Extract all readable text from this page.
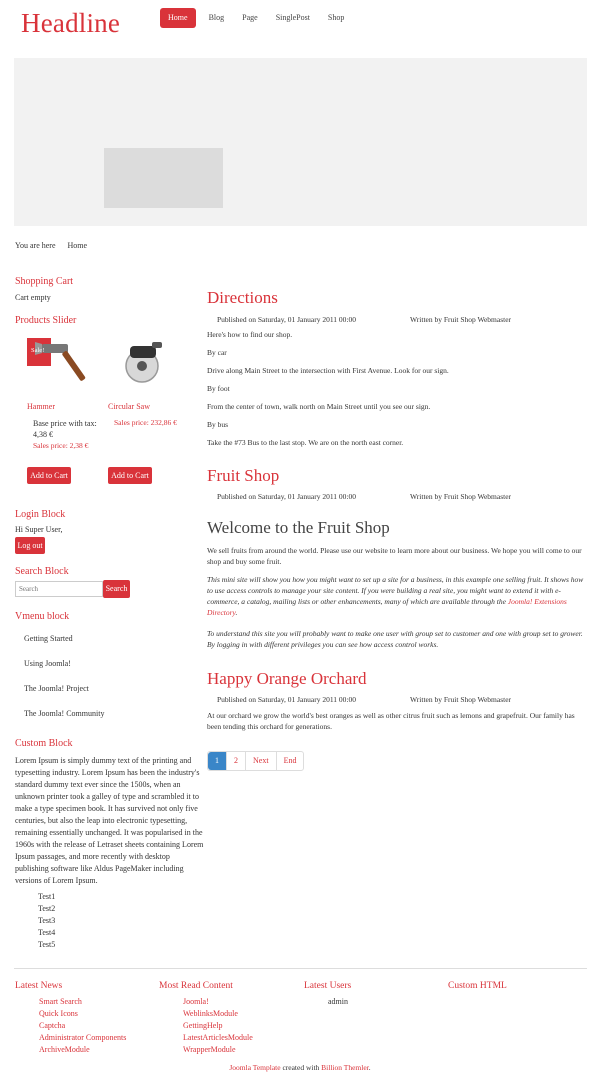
Headline	Home	Blog	Page	SinglePost	Shop
You are here Home
Shopping Cart
Cart empty
Products Slider
Sale!
Hammer	Circular Saw
Base price with tax: 4,38 €
Sales price: 232,86 €
Sales price: 2,38 €
Add to Cart	Add to Cart
Login Block
Hi Super User,
Log out
Search Block
Search	Search
Vmenu block
Getting Started
Using Joomla!
The Joomla! Project
The Joomla! Community
Custom Block
Lorem Ipsum is simply dummy text of the printing and typesetting industry. Lorem Ipsum has been the industry's standard dummy text ever since the 1500s, when an unknown printer took a galley of type and scrambled it to make a type specimen book. It has survived not only five centuries, but also the leap into electronic typesetting, remaining essentially unchanged. It was popularised in the 1960s with the release of Letraset sheets containing Lorem Ipsum passages, and more recently with desktop publishing software like Aldus PageMaker including versions of Lorem Ipsum.
Test1
Test2
Test3
Test4
Test5
Directions
Published on Saturday, 01 January 2011 00:00	Written by Fruit Shop Webmaster
Here's how to find our shop.
By car
Drive along Main Street to the intersection with First Avenue. Look for our sign.
By foot
From the center of town, walk north on Main Street until you see our sign.
By bus
Take the #73 Bus to the last stop. We are on the north east corner.
Fruit Shop
Published on Saturday, 01 January 2011 00:00	Written by Fruit Shop Webmaster
Welcome to the Fruit Shop
We sell fruits from around the world. Please use our website to learn more about our business. We hope you will come to our shop and buy some fruit.
This mini site will show you how you might want to set up a site for a business, in this example one selling fruit. It shows how to use access controls to manage your site content. If you were building a real site, you might want to extend it with e-commerce, a catalog, mailing lists or other enhancements, many of which are available through the Joomla! Extensions Directory.
To understand this site you will probably want to make one user with group set to customer and one with group set to grower. By logging in with different privileges you can see how access control works.
Happy Orange Orchard
Published on Saturday, 01 January 2011 00:00	Written by Fruit Shop Webmaster
At our orchard we grow the world's best oranges as well as other citrus fruit such as lemons and grapefruit. Our family has been tending this orchard for generations.
1	2	Next	End
Latest News
Smart Search
Quick Icons
Captcha
Administrator Components
ArchiveModule
Most Read Content
Joomla!
WeblinksModule
GettingHelp
LatestArticlesModule
WrapperModule
Latest Users
admin
Custom HTML
Joomla Template created with Billion Themler.
